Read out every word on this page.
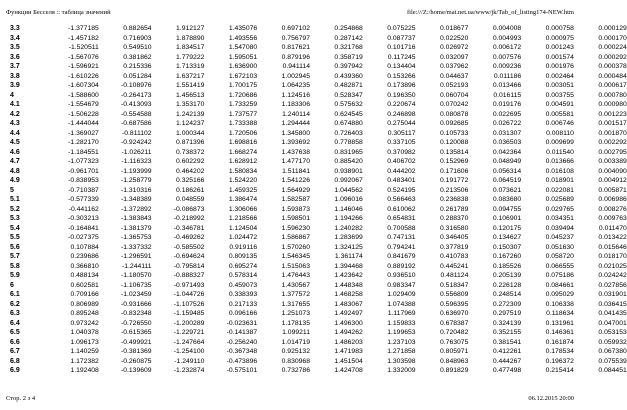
Функции Бесселя :: таблица значений	file:///Z:/home/mat.net.ua/www/jk/Tab_of_listing174-NEW.htm
3.3	-1.377185	0.882654	1.912127	1.435076	0.697102	0.254868	0.075225	0.018677	0.004008	0.000758	0.000129
3.4	-1.457182	0.716903	1.878890	1.493556	0.756797	0.287142	0.087737	0.022520	0.004993	0.000975	0.000170
3.5	-1.520511	0.549510	1.834517	1.547080	0.817621	0.321768	0.101716	0.026972	0.006172	0.001243	0.000224
3.6	-1.567076	0.381862	1.779222	1.595051	0.879196	0.358719	0.117245	0.032097	0.007576	0.001574	0.000292
3.7	-1.596921	0.215336	1.713319	1.636900	0.941114	0.397942	0.134404	0.037962	0.009236	0.001976	0.000378
3.8	-1.610226	0.051284	1.637217	1.672103	1.002945	0.439360	0.153266	0.044637	0.011186	0.002464	0.000484
3.9	-1.607304	-0.108976	1.551419	1.700175	1.064235	0.482871	0.173896	0.052193	0.013466	0.003051	0.000617
4	-1.588600	-0.264173	1.456513	1.720686	1.124516	0.528347	0.196350	0.060704	0.016115	0.003755	0.000780
4.1	-1.554679	-0.413093	1.353170	1.733259	1.183306	0.575632	0.220674	0.070242	0.019176	0.004591	0.000980
4.2	-1.506228	-0.554588	1.242139	1.737577	1.240114	0.624545	0.246898	0.080878	0.022695	0.005581	0.001223
4.3	-1.444044	-0.687586	1.124237	1.733388	1.294444	0.674880	0.275044	0.092685	0.026722	0.006746	0.001517
4.4	-1.369027	-0.811102	1.000344	1.720506	1.345800	0.726403	0.305117	0.105733	0.031307	0.008110	0.001870
4.5	-1.282170	-0.924242	0.871396	1.698816	1.393692	0.778858	0.337105	0.120088	0.036503	0.009699	0.002292
4.6	-1.184551	-1.026211	0.738372	1.668274	1.437638	0.831965	0.370982	0.135814	0.042364	0.011540	0.002795
4.7	-1.077323	-1.116323	0.602292	1.628912	1.477170	0.885420	0.406702	0.152969	0.048949	0.013666	0.003389
4.8	-0.961701	-1.193999	0.464202	1.580834	1.511841	0.938901	0.444202	0.171606	0.056314	0.016108	0.004090
4.9	-0.838953	-1.258779	0.325166	1.524220	1.541226	0.992067	0.483401	0.191772	0.064519	0.018901	0.004912
5	-0.710387	-1.310316	0.186261	1.459325	1.564929	1.044562	0.524195	0.213506	0.073621	0.022081	0.005871
5.1	-0.577339	-1.348389	0.048559	1.386474	1.582587	1.096016	0.566463	0.236838	0.083680	0.025689	0.006986
5.2	-0.441162	-1.372892	-0.086873	1.306066	1.593873	1.146046	0.610062	0.261789	0.094755	0.029765	0.008276
5.3	-0.303213	-1.383843	-0.218992	1.218566	1.598501	1.194266	0.654831	0.288370	0.106901	0.034351	0.009763
5.4	-0.164841	-1.381379	-0.346781	1.124504	1.596230	1.240282	0.700588	0.316580	0.120175	0.039494	0.011470
5.5	-0.027375	-1.365753	-0.469262	1.024472	1.586867	1.283699	0.747131	0.346405	0.134627	0.045237	0.013422
5.6	0.107884	-1.337332	-0.585502	0.919116	1.570260	1.324125	0.794241	0.377819	0.150307	0.051630	0.015646
5.7	0.239686	-1.296591	-0.694624	0.809135	1.546345	1.361174	0.841679	0.410783	0.167260	0.058720	0.018170
5.8	0.366810	-1.244111	-0.795814	0.695274	1.515063	1.394468	0.889192	0.445241	0.185526	0.066555	0.021025
5.9	0.488134	-1.180570	-0.888327	0.578314	1.476443	1.423642	0.936510	0.481124	0.205139	0.075186	0.024242
6	0.602581	-1.106735	-0.971493	0.459073	1.430567	1.448348	0.983347	0.518347	0.226128	0.084661	0.027856
6.1	0.709166	-1.023459	-1.044726	0.338393	1.377572	1.468258	1.029409	0.556809	0.248514	0.095029	0.031901
6.2	0.806989	-0.931666	-1.107526	0.217133	1.317655	1.483067	1.074388	0.596395	0.272309	0.106338	0.036415
6.3	0.895248	-0.832348	-1.159485	0.096166	1.251073	1.492497	1.117969	0.636970	0.297519	0.118634	0.041435
6.4	0.973242	-0.726550	-1.200289	-0.023631	1.178135	1.496300	1.159833	0.678387	0.324139	0.131961	0.047001
6.5	1.040378	-0.615365	-1.229721	-0.141387	1.099211	1.494262	1.199653	0.720482	0.352155	0.146361	0.053153
6.6	1.096173	-0.499921	-1.247664	-0.256240	1.014719	1.486203	1.237103	0.763075	0.381541	0.161874	0.059932
6.7	1.140259	-0.381369	-1.254100	-0.367348	0.925132	1.471983	1.271858	0.805971	0.412261	0.178534	0.067380
6.8	1.172382	-0.260875	-1.249110	-0.473896	0.830968	1.451504	1.303598	0.848963	0.444267	0.196372	0.075539
6.9	1.192408	-0.139609	-1.232874	-0.575101	0.732786	1.424708	1.332009	0.891829	0.477498	0.215414	0.084451
Стор. 2 з 4	06.12.2015 20:00
